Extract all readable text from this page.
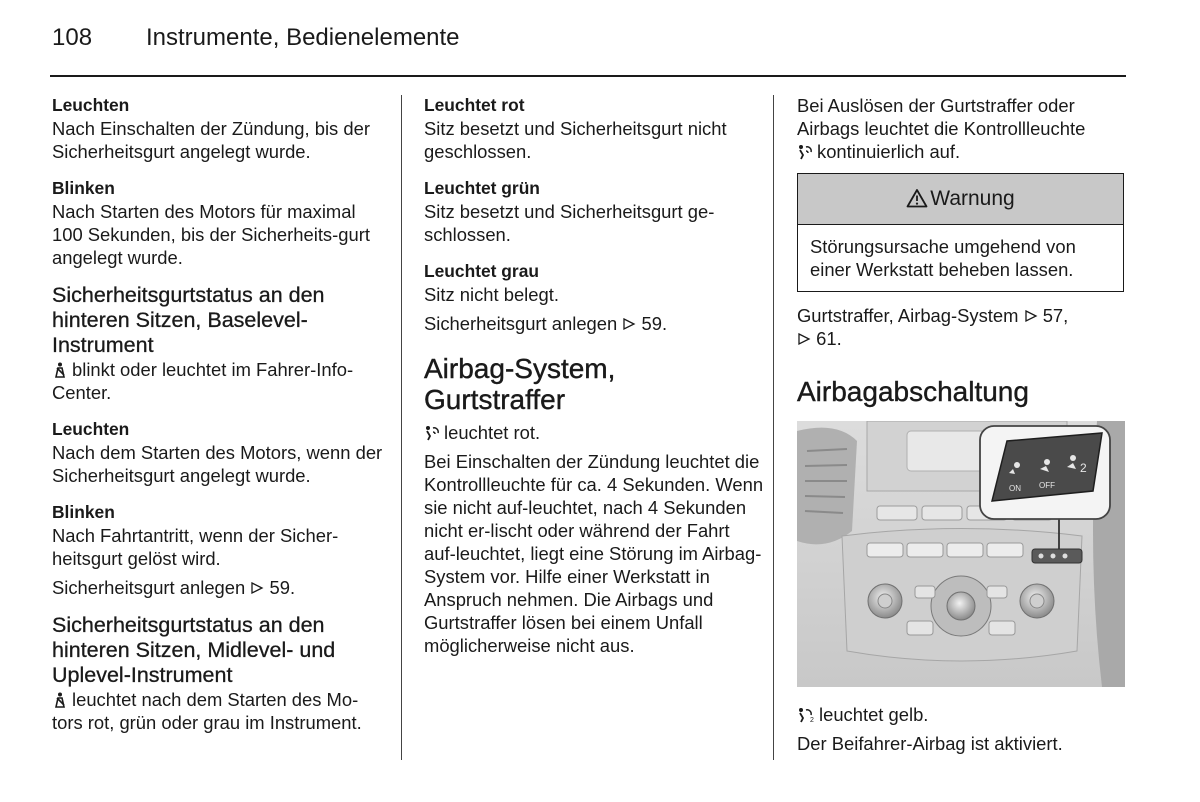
108 Instrumente, Bedienelemente

Leuchten

Nach Einschalten der Zündung, bis der Sicherheitsgurt angelegt wurde.

Blinken

Nach Starten des Motors für maximal 100 Sekunden, bis der Sicherheits-gurt angelegt wurde.

Sicherheitsgurtstatus an den hinteren Sitzen, Baselevel-Instrument

blinkt oder leuchtet im Fahrer-Info-Center.

Leuchten

Nach dem Starten des Motors, wenn der Sicherheitsgurt angelegt wurde.

Blinken

Nach Fahrtantritt, wenn der Sicher-heitsgurt gelöst wird.

Sicherheitsgurt anlegen 59.

Sicherheitsgurtstatus an den hinteren Sitzen, Midlevel- und Uplevel-Instrument

leuchtet nach dem Starten des Mo-tors rot, grün oder grau im Instrument.

Leuchtet rot

Sitz besetzt und Sicherheitsgurt nicht geschlossen.

Leuchtet grün

Sitz besetzt und Sicherheitsgurt ge-schlossen.

Leuchtet grau

Sitz nicht belegt.

Sicherheitsgurt anlegen 59.

Airbag-System, Gurtstraffer

leuchtet rot.

Bei Einschalten der Zündung leuchtet die Kontrollleuchte für ca. 4 Sekunden. Wenn sie nicht auf-leuchtet, nach 4 Sekunden nicht er-lischt oder während der Fahrt auf-leuchtet, liegt eine Störung im Airbag-System vor. Hilfe einer Werkstatt in Anspruch nehmen. Die Airbags und Gurtstraffer lösen bei einem Unfall möglicherweise nicht aus.

Bei Auslösen der Gurtstraffer oder Airbags leuchtet die Kontrollleuchte
kontinuierlich auf.

Warnung
Störungsursache umgehend von einer Werkstatt beheben lassen.

Gurtstraffer, Airbag-System 57,
61.

Airbagabschaltung
ON OFF
2

2 leuchtet gelb.

Der Beifahrer-Airbag ist aktiviert.
